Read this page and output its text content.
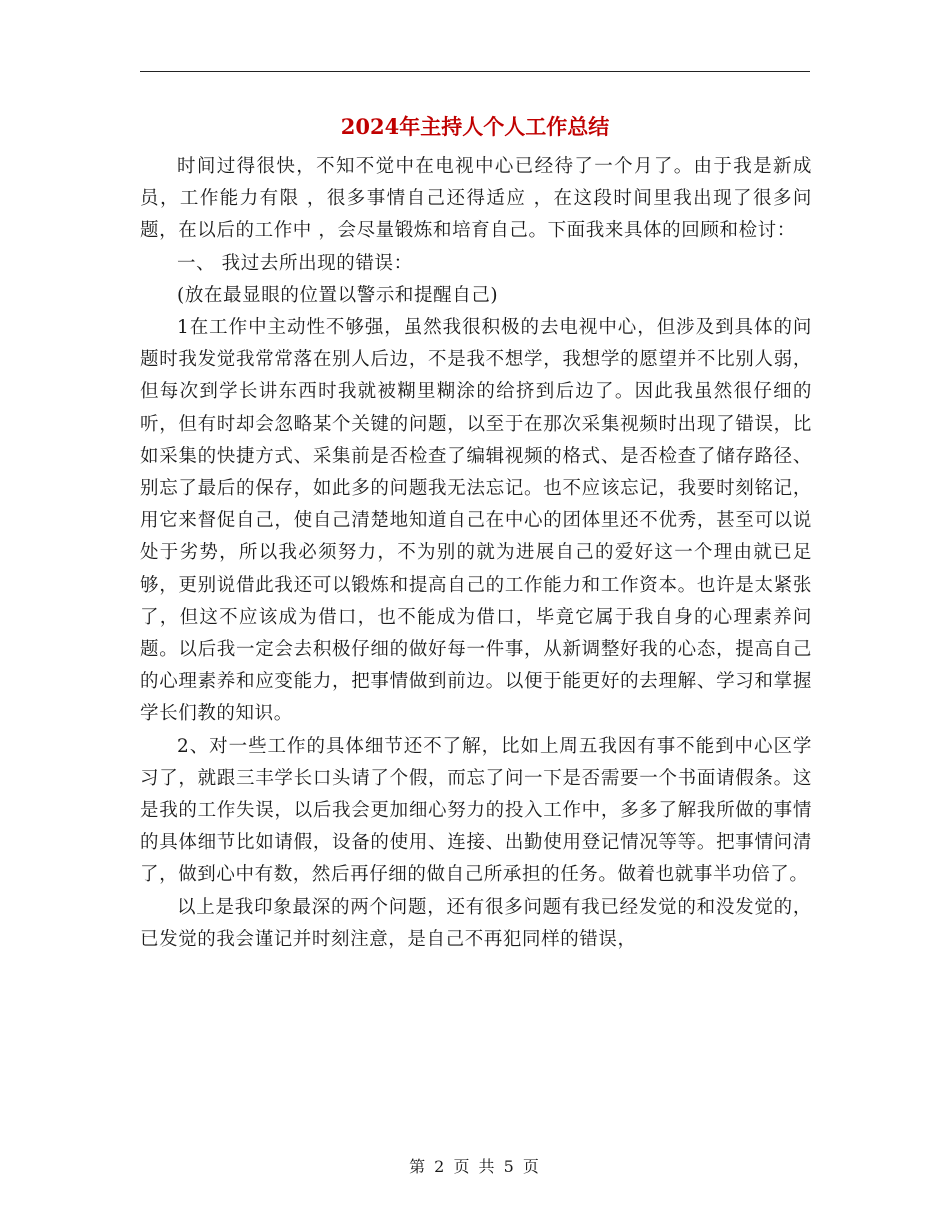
2024年主持人个人工作总结

时间过得很快，不知不觉中在电视中心已经待了一个月了。由于我是新成员，工作能力有限 ，很多事情自己还得适应 ，在这段时间里我出现了很多问题，在以后的工作中 ，会尽量锻炼和培育自己。下面我来具体的回顾和检讨：

一、 我过去所出现的错误：

(放在最显眼的位置以警示和提醒自己)

1在工作中主动性不够强，虽然我很积极的去电视中心，但涉及到具体的问题时我发觉我常常落在别人后边，不是我不想学，我想学的愿望并不比别人弱，但每次到学长讲东西时我就被糊里糊涂的给挤到后边了。因此我虽然很仔细的听，但有时却会忽略某个关键的问题，以至于在那次采集视频时出现了错误，比如采集的快捷方式、采集前是否检查了编辑视频的格式、是否检查了储存路径、别忘了最后的保存，如此多的问题我无法忘记。也不应该忘记，我要时刻铭记，用它来督促自己，使自己清楚地知道自己在中心的团体里还不优秀，甚至可以说处于劣势，所以我必须努力，不为别的就为进展自己的爱好这一个理由就已足够，更别说借此我还可以锻炼和提高自己的工作能力和工作资本。也许是太紧张了，但这不应该成为借口，也不能成为借口，毕竟它属于我自身的心理素养问题。以后我一定会去积极仔细的做好每一件事，从新调整好我的心态，提高自己的心理素养和应变能力，把事情做到前边。以便于能更好的去理解、学习和掌握学长们教的知识。

2、对一些工作的具体细节还不了解，比如上周五我因有事不能到中心区学习了，就跟三丰学长口头请了个假，而忘了问一下是否需要一个书面请假条。这是我的工作失误，以后我会更加细心努力的投入工作中，多多了解我所做的事情的具体细节比如请假，设备的使用、连接、出勤使用登记情况等等。把事情问清了，做到心中有数，然后再仔细的做自己所承担的任务。做着也就事半功倍了。

以上是我印象最深的两个问题，还有很多问题有我已经发觉的和没发觉的，已发觉的我会谨记并时刻注意，是自己不再犯同样的错误，

第 2 页 共 5 页
